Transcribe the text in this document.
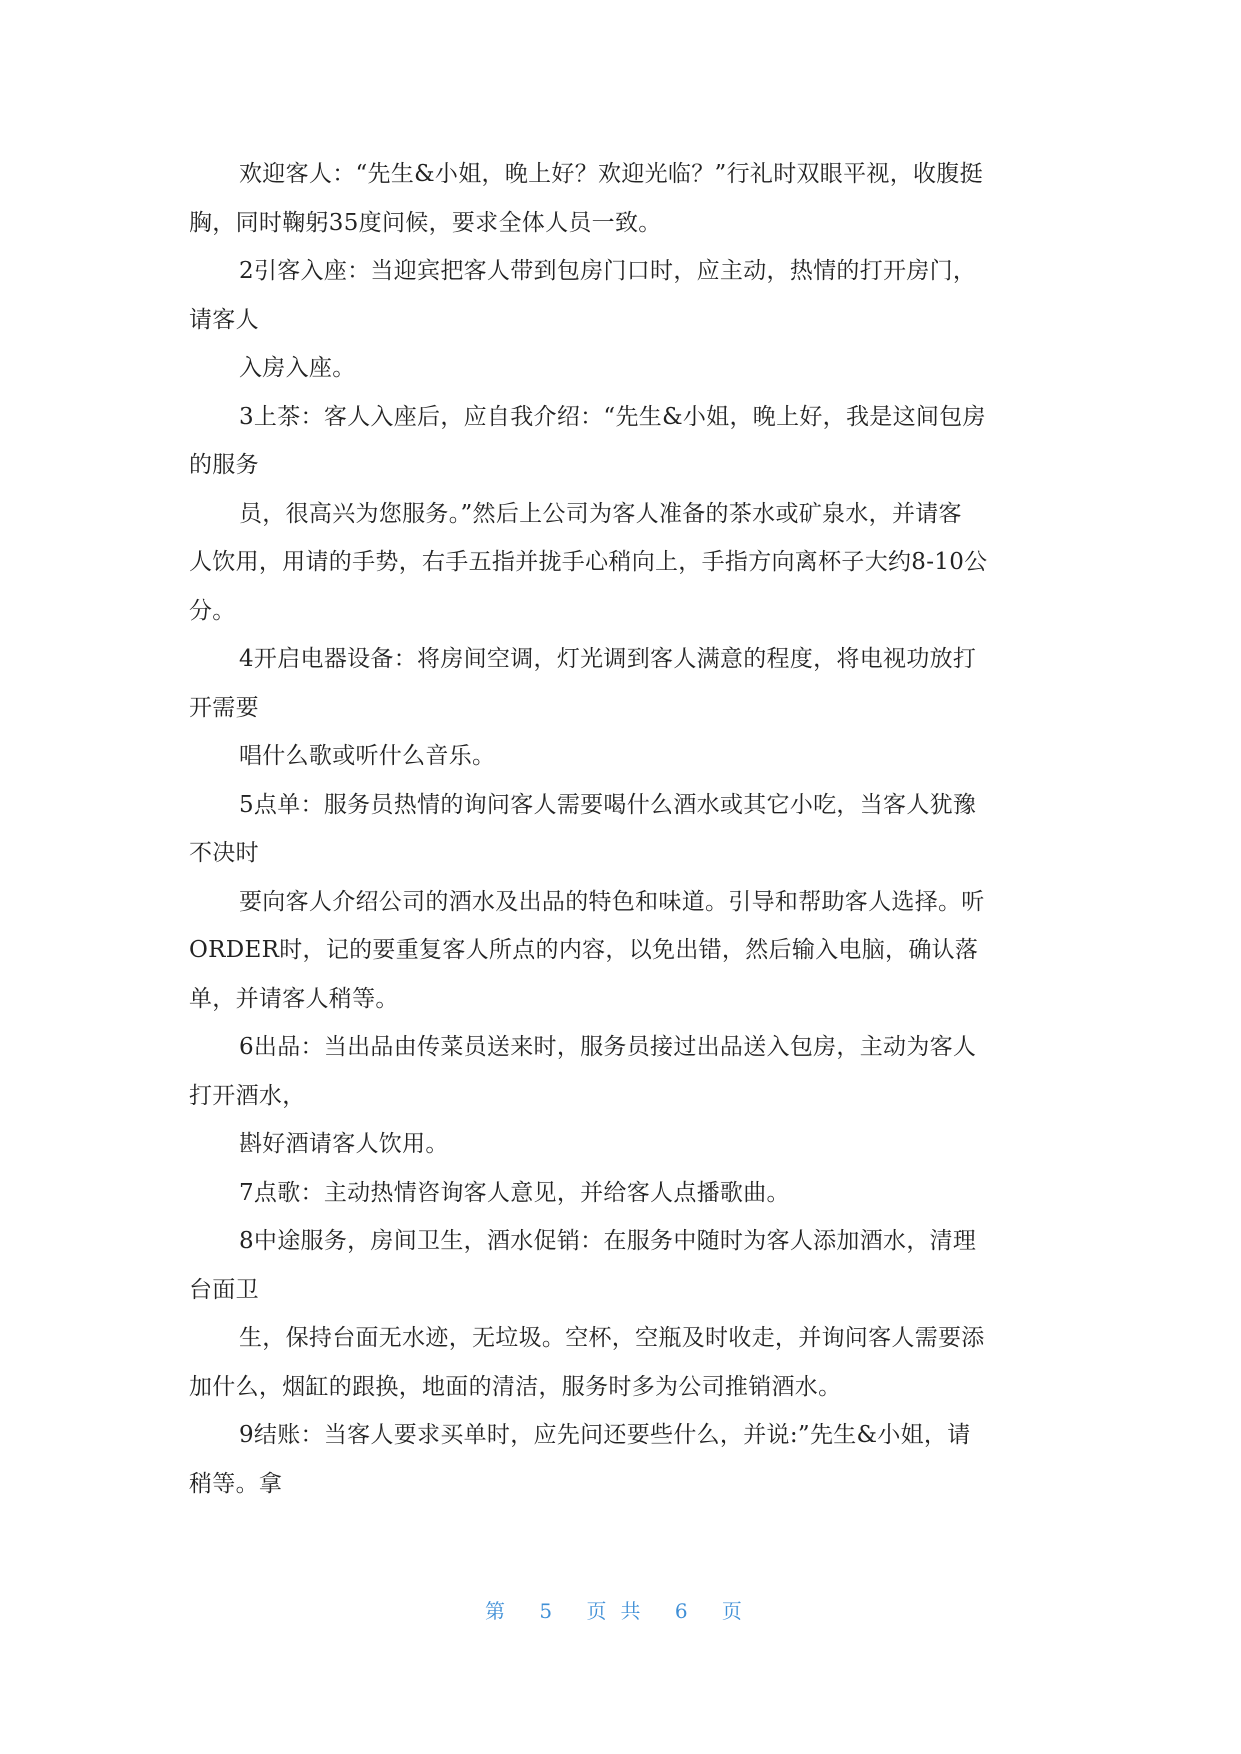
欢迎客人：“先生&小姐，晚上好？欢迎光临？”行礼时双眼平视，收腹挺
胸，同时鞠躬35度问候，要求全体人员一致。
2引客入座：当迎宾把客人带到包房门口时，应主动，热情的打开房门，
请客人
入房入座。
3上茶：客人入座后，应自我介绍：“先生&小姐，晚上好，我是这间包房
的服务
员，很高兴为您服务。”然后上公司为客人准备的茶水或矿泉水，并请客
人饮用，用请的手势，右手五指并拢手心稍向上，手指方向离杯子大约8-10公
分。
4开启电器设备：将房间空调，灯光调到客人满意的程度，将电视功放打
开需要
唱什么歌或听什么音乐。
5点单：服务员热情的询问客人需要喝什么酒水或其它小吃，当客人犹豫
不决时
要向客人介绍公司的酒水及出品的特色和味道。引导和帮助客人选择。听
ORDER时，记的要重复客人所点的内容，以免出错，然后输入电脑，确认落
单，并请客人稍等。
6出品：当出品由传菜员送来时，服务员接过出品送入包房，主动为客人
打开酒水，
斟好酒请客人饮用。
7点歌：主动热情咨询客人意见，并给客人点播歌曲。
8中途服务，房间卫生，酒水促销：在服务中随时为客人添加酒水，清理
台面卫
生，保持台面无水迹，无垃圾。空杯，空瓶及时收走，并询问客人需要添
加什么，烟缸的跟换，地面的清洁，服务时多为公司推销酒水。
9结账：当客人要求买单时，应先问还要些什么，并说:”先生&小姐，请
稍等。拿
第 5 页共 6 页
